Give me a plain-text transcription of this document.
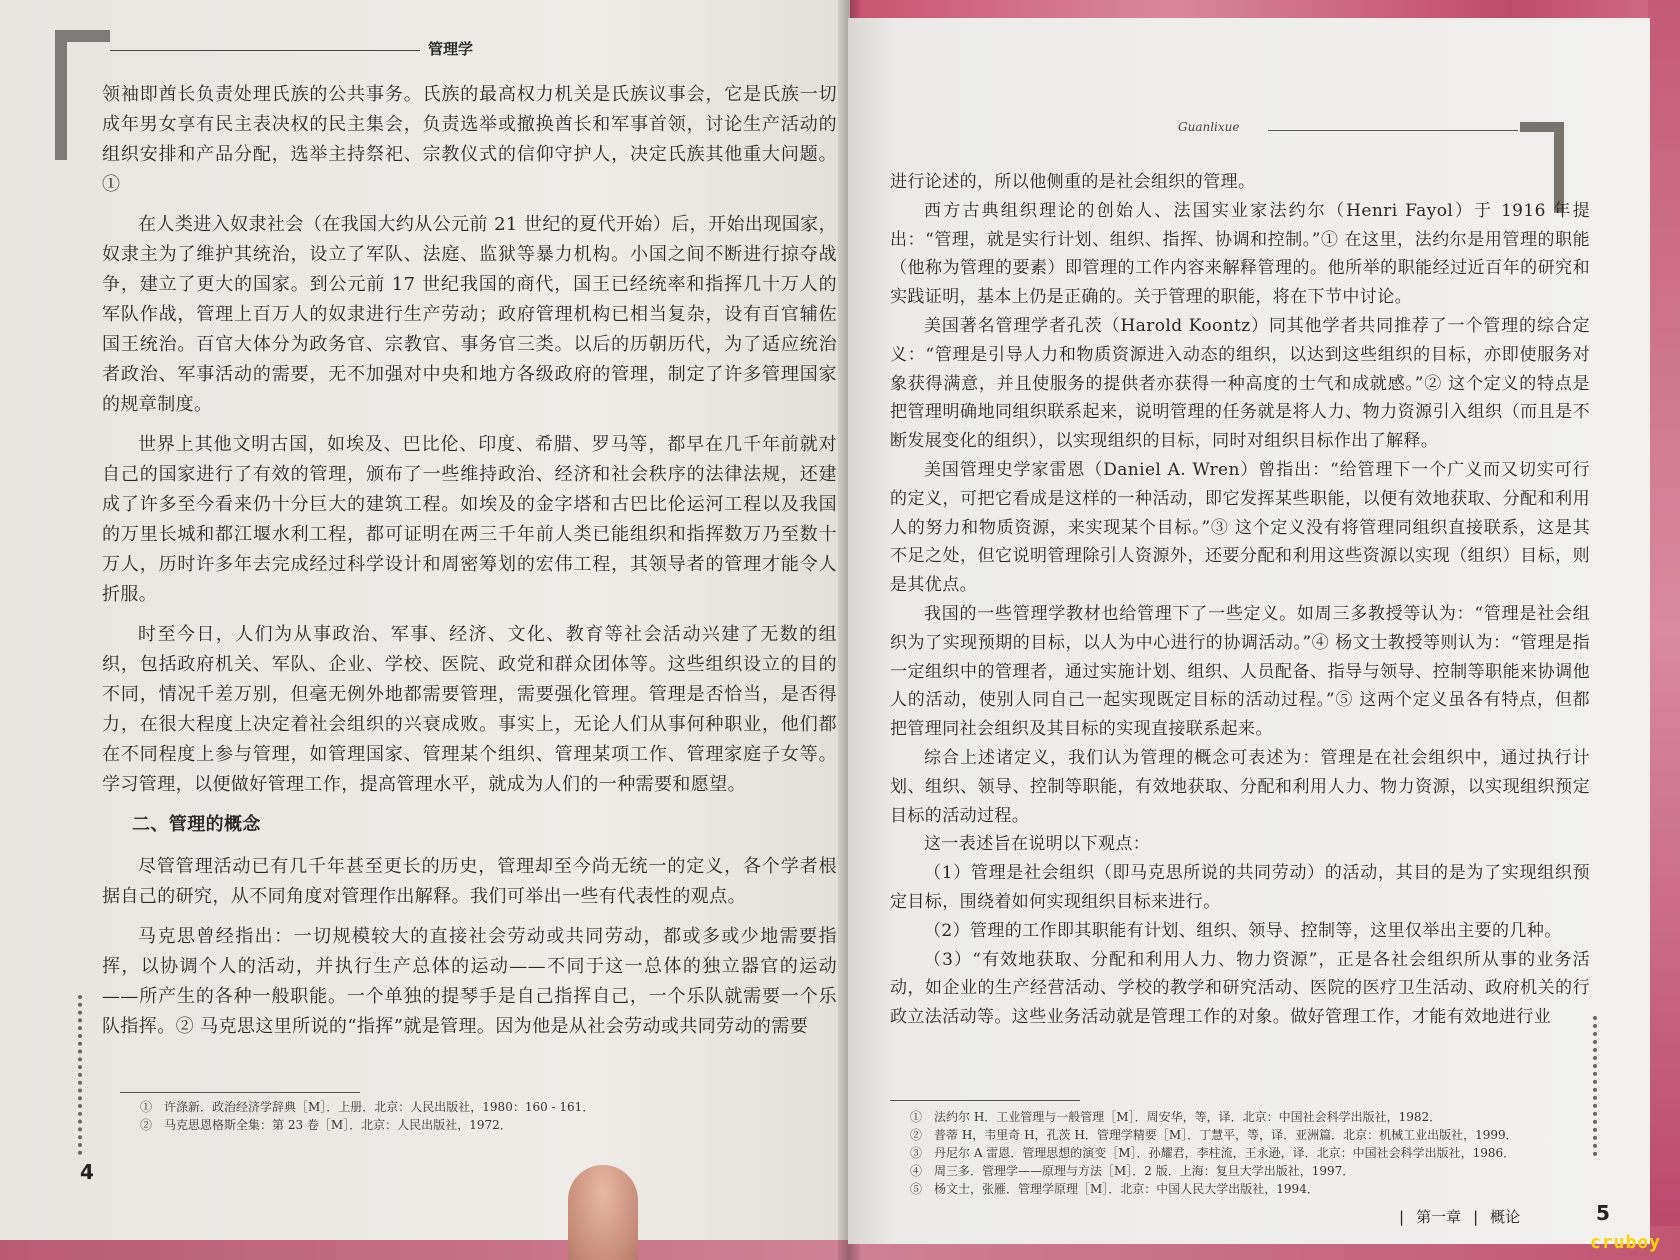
管理学

领袖即酋长负责处理氏族的公共事务。氏族的最高权力机关是氏族议事会，它是氏族一切成年男女享有民主表决权的民主集会，负责选举或撤换酋长和军事首领，讨论生产活动的组织安排和产品分配，选举主持祭祀、宗教仪式的信仰守护人，决定氏族其他重大问题。①

在人类进入奴隶社会（在我国大约从公元前 21 世纪的夏代开始）后，开始出现国家，奴隶主为了维护其统治，设立了军队、法庭、监狱等暴力机构。小国之间不断进行掠夺战争，建立了更大的国家。到公元前 17 世纪我国的商代，国王已经统率和指挥几十万人的军队作战，管理上百万人的奴隶进行生产劳动；政府管理机构已相当复杂，设有百官辅佐国王统治。百官大体分为政务官、宗教官、事务官三类。以后的历朝历代，为了适应统治者政治、军事活动的需要，无不加强对中央和地方各级政府的管理，制定了许多管理国家的规章制度。

世界上其他文明古国，如埃及、巴比伦、印度、希腊、罗马等，都早在几千年前就对自己的国家进行了有效的管理，颁布了一些维持政治、经济和社会秩序的法律法规，还建成了许多至今看来仍十分巨大的建筑工程。如埃及的金字塔和古巴比伦运河工程以及我国的万里长城和都江堰水利工程，都可证明在两三千年前人类已能组织和指挥数万乃至数十万人，历时许多年去完成经过科学设计和周密筹划的宏伟工程，其领导者的管理才能令人折服。

时至今日，人们为从事政治、军事、经济、文化、教育等社会活动兴建了无数的组织，包括政府机关、军队、企业、学校、医院、政党和群众团体等。这些组织设立的目的不同，情况千差万别，但毫无例外地都需要管理，需要强化管理。管理是否恰当，是否得力，在很大程度上决定着社会组织的兴衰成败。事实上，无论人们从事何种职业，他们都在不同程度上参与管理，如管理国家、管理某个组织、管理某项工作、管理家庭子女等。学习管理，以便做好管理工作，提高管理水平，就成为人们的一种需要和愿望。

二、管理的概念

尽管管理活动已有几千年甚至更长的历史，管理却至今尚无统一的定义，各个学者根据自己的研究，从不同角度对管理作出解释。我们可举出一些有代表性的观点。

马克思曾经指出：一切规模较大的直接社会劳动或共同劳动，都或多或少地需要指挥，以协调个人的活动，并执行生产总体的运动——不同于这一总体的独立器官的运动——所产生的各种一般职能。一个单独的提琴手是自己指挥自己，一个乐队就需要一个乐队指挥。② 马克思这里所说的“指挥”就是管理。因为他是从社会劳动或共同劳动的需要

①　许涤新．政治经济学辞典［M］．上册．北京：人民出版社，1980：160 - 161．
②　马克思恩格斯全集：第 23 卷［M］．北京：人民出版社，1972．
4
Guanlixue

进行论述的，所以他侧重的是社会组织的管理。

西方古典组织理论的创始人、法国实业家法约尔（Henri Fayol）于 1916 年提出：“管理，就是实行计划、组织、指挥、协调和控制。”① 在这里，法约尔是用管理的职能（他称为管理的要素）即管理的工作内容来解释管理的。他所举的职能经过近百年的研究和实践证明，基本上仍是正确的。关于管理的职能，将在下节中讨论。

美国著名管理学者孔茨（Harold Koontz）同其他学者共同推荐了一个管理的综合定义：“管理是引导人力和物质资源进入动态的组织，以达到这些组织的目标，亦即使服务对象获得满意，并且使服务的提供者亦获得一种高度的士气和成就感。”② 这个定义的特点是把管理明确地同组织联系起来，说明管理的任务就是将人力、物力资源引入组织（而且是不断发展变化的组织），以实现组织的目标，同时对组织目标作出了解释。

美国管理史学家雷恩（Daniel A. Wren）曾指出：“给管理下一个广义而又切实可行的定义，可把它看成是这样的一种活动，即它发挥某些职能，以便有效地获取、分配和利用人的努力和物质资源，来实现某个目标。”③ 这个定义没有将管理同组织直接联系，这是其不足之处，但它说明管理除引人资源外，还要分配和利用这些资源以实现（组织）目标，则是其优点。

我国的一些管理学教材也给管理下了一些定义。如周三多教授等认为：“管理是社会组织为了实现预期的目标，以人为中心进行的协调活动。”④ 杨文士教授等则认为：“管理是指一定组织中的管理者，通过实施计划、组织、人员配备、指导与领导、控制等职能来协调他人的活动，使别人同自己一起实现既定目标的活动过程。”⑤ 这两个定义虽各有特点，但都把管理同社会组织及其目标的实现直接联系起来。

综合上述诸定义，我们认为管理的概念可表述为：管理是在社会组织中，通过执行计划、组织、领导、控制等职能，有效地获取、分配和利用人力、物力资源，以实现组织预定目标的活动过程。

这一表述旨在说明以下观点：

（1）管理是社会组织（即马克思所说的共同劳动）的活动，其目的是为了实现组织预定目标，围绕着如何实现组织目标来进行。

（2）管理的工作即其职能有计划、组织、领导、控制等，这里仅举出主要的几种。

（3）“有效地获取、分配和利用人力、物力资源”，正是各社会组织所从事的业务活动，如企业的生产经营活动、学校的教学和研究活动、医院的医疗卫生活动、政府机关的行政立法活动等。这些业务活动就是管理工作的对象。做好管理工作，才能有效地进行业

①　法约尔 H．工业管理与一般管理［M］．周安华，等，译．北京：中国社会科学出版社，1982．
②　普蒂 H，韦里奇 H，孔茨 H．管理学精要［M］．丁慧平，等，译．亚洲篇．北京：机械工业出版社，1999．
③　丹尼尔 A 雷恩．管理思想的演变［M］．孙耀君，李柱流，王永逊，译．北京：中国社会科学出版社，1986．
④　周三多．管理学——原理与方法［M］．2 版．上海：复旦大学出版社，1997．
⑤　杨文士，张雁．管理学原理［M］．北京：中国人民大学出版社，1994．
| 第一章 | 概论	5
cruboy
